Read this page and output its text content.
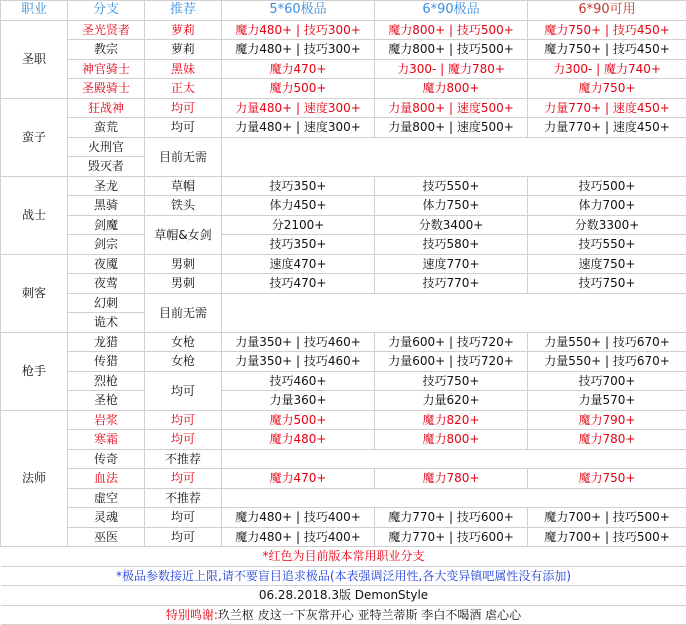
职业	分支	推荐	5*60极品	6*90极品	6*90可用
圣职	圣光贤者	萝莉	魔力480+ | 技巧300+	魔力800+ | 技巧500+	魔力750+ | 技巧450+
	教宗	萝莉	魔力480+ | 技巧300+	魔力800+ | 技巧500+	魔力750+ | 技巧450+
	神官骑士	黑妹	魔力470+	力300- | 魔力780+	力300- | 魔力740+
	圣殿骑士	正太	魔力500+	魔力800+	魔力750+
蛮子	狂战神	均可	力量480+ | 速度300+	力量800+ | 速度500+	力量770+ | 速度450+
	蛮荒	均可	力量480+ | 速度300+	力量800+ | 速度500+	力量770+ | 速度450+
	火刑官	目前无需			
	毁灭者				
战士	圣龙	草帽	技巧350+	技巧550+	技巧500+
	黑骑	铁头	体力450+	体力750+	体力700+
	剑魔	草帽&女剑	分2100+	分数3400+	分数3300+
	剑宗		技巧350+	技巧580+	技巧550+
刺客	夜魇	男刺	速度470+	速度770+	速度750+
	夜莺	男刺	技巧470+	技巧770+	技巧750+
	幻刺	目前无需			
	诡术				
枪手	龙猎	女枪	力量350+ | 技巧460+	力量600+ | 技巧720+	力量550+ | 技巧670+
	传猎	女枪	力量350+ | 技巧460+	力量600+ | 技巧720+	力量550+ | 技巧670+
	烈枪	均可	技巧460+	技巧750+	技巧700+
	圣枪		力量360+	力量620+	力量570+
法师	岩浆	均可	魔力500+	魔力820+	魔力790+
	寒霜	均可	魔力480+	魔力800+	魔力780+
	传奇	不推荐			
	血法	均可	魔力470+	魔力780+	魔力750+
	虚空	不推荐			
	灵魂	均可	魔力480+ | 技巧400+	魔力770+ | 技巧600+	魔力700+ | 技巧500+
	巫医	均可	魔力480+ | 技巧400+	魔力770+ | 技巧600+	魔力700+ | 技巧500+
*红色为目前版本常用职业分支					
*极品参数接近上限,请不要盲目追求极品(本表强调泛用性,各大变异镇吧属性没有添加)					
06.28.2018.3版 DemonStyle					
特别鸣谢:玖兰枢 皮这一下灰常开心 亚特兰蒂斯 李白不喝酒 虐心心					
